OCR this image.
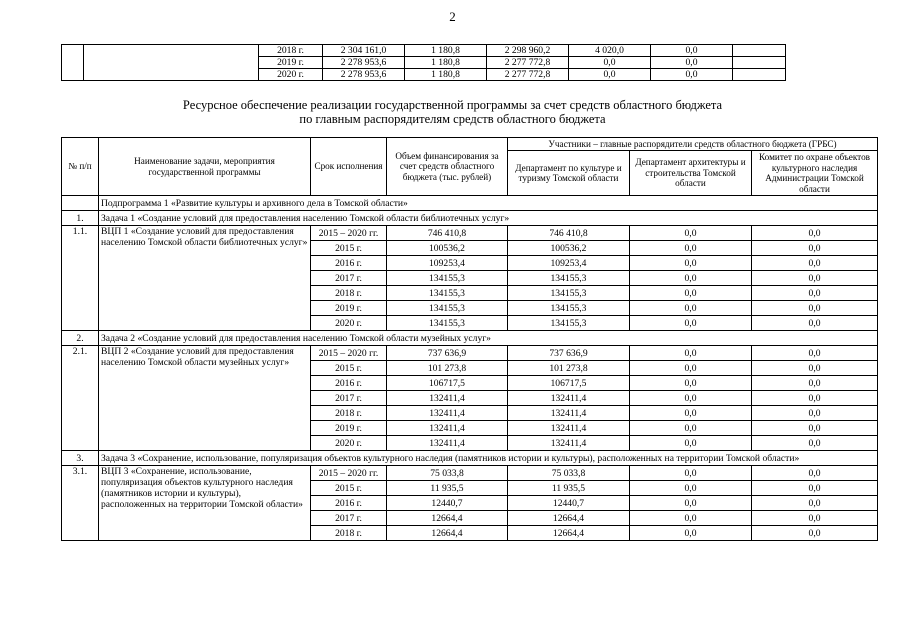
2
		2018 г.	2 304 161,0	1 180,8	2 298 960,2	4 020,0	0,0	
		2019 г.	2 278 953,6	1 180,8	2 277 772,8	0,0	0,0	
		2020 г.	2 278 953,6	1 180,8	2 277 772,8	0,0	0,0	
Ресурсное обеспечение реализации государственной программы за счет средств областного бюджета
по главным распорядителям средств областного бюджета
№ п/п	Наименование задачи, мероприятия государственной программы	Срок исполнения	Объем финансирования за счет средств областного бюджета (тыс. рублей)	Участники – главные распорядители средств областного бюджета (ГРБС)		
				Департамент по культуре и туризму Томской области	Департамент архитектуры и строительства Томской области	Комитет по охране объектов культурного наследия Администрации Томской области
	Подпрограмма 1 «Развитие культуры и архивного дела в Томской области»					
1.	Задача 1 «Создание условий для предоставления населению Томской области библиотечных услуг»					
1.1.	ВЦП 1 «Создание условий для предоставления населению Томской области библиотечных услуг»	2015 – 2020 гг.	746 410,8	746 410,8	0,0	0,0
		2015 г.	100536,2	100536,2	0,0	0,0
		2016 г.	109253,4	109253,4	0,0	0,0
		2017 г.	134155,3	134155,3	0,0	0,0
		2018 г.	134155,3	134155,3	0,0	0,0
		2019 г.	134155,3	134155,3	0,0	0,0
		2020 г.	134155,3	134155,3	0,0	0,0
2.	Задача 2 «Создание условий для предоставления населению Томской области музейных услуг»					
2.1.	ВЦП 2 «Создание условий для предоставления населению Томской области музейных услуг»	2015 – 2020 гг.	737 636,9	737 636,9	0,0	0,0
		2015 г.	101 273,8	101 273,8	0,0	0,0
		2016 г.	106717,5	106717,5	0,0	0,0
		2017 г.	132411,4	132411,4	0,0	0,0
		2018 г.	132411,4	132411,4	0,0	0,0
		2019 г.	132411,4	132411,4	0,0	0,0
		2020 г.	132411,4	132411,4	0,0	0,0
3.	Задача 3 «Сохранение, использование, популяризация объектов культурного наследия (памятников истории и культуры), расположенных на территории Томской области»					
3.1.	ВЦП 3 «Сохранение, использование, популяризация объектов культурного наследия (памятников истории и культуры), расположенных на территории Томской области»	2015 – 2020 гг.	75 033,8	75 033,8	0,0	0,0
		2015 г.	11 935,5	11 935,5	0,0	0,0
		2016 г.	12440,7	12440,7	0,0	0,0
		2017 г.	12664,4	12664,4	0,0	0,0
		2018 г.	12664,4	12664,4	0,0	0,0
